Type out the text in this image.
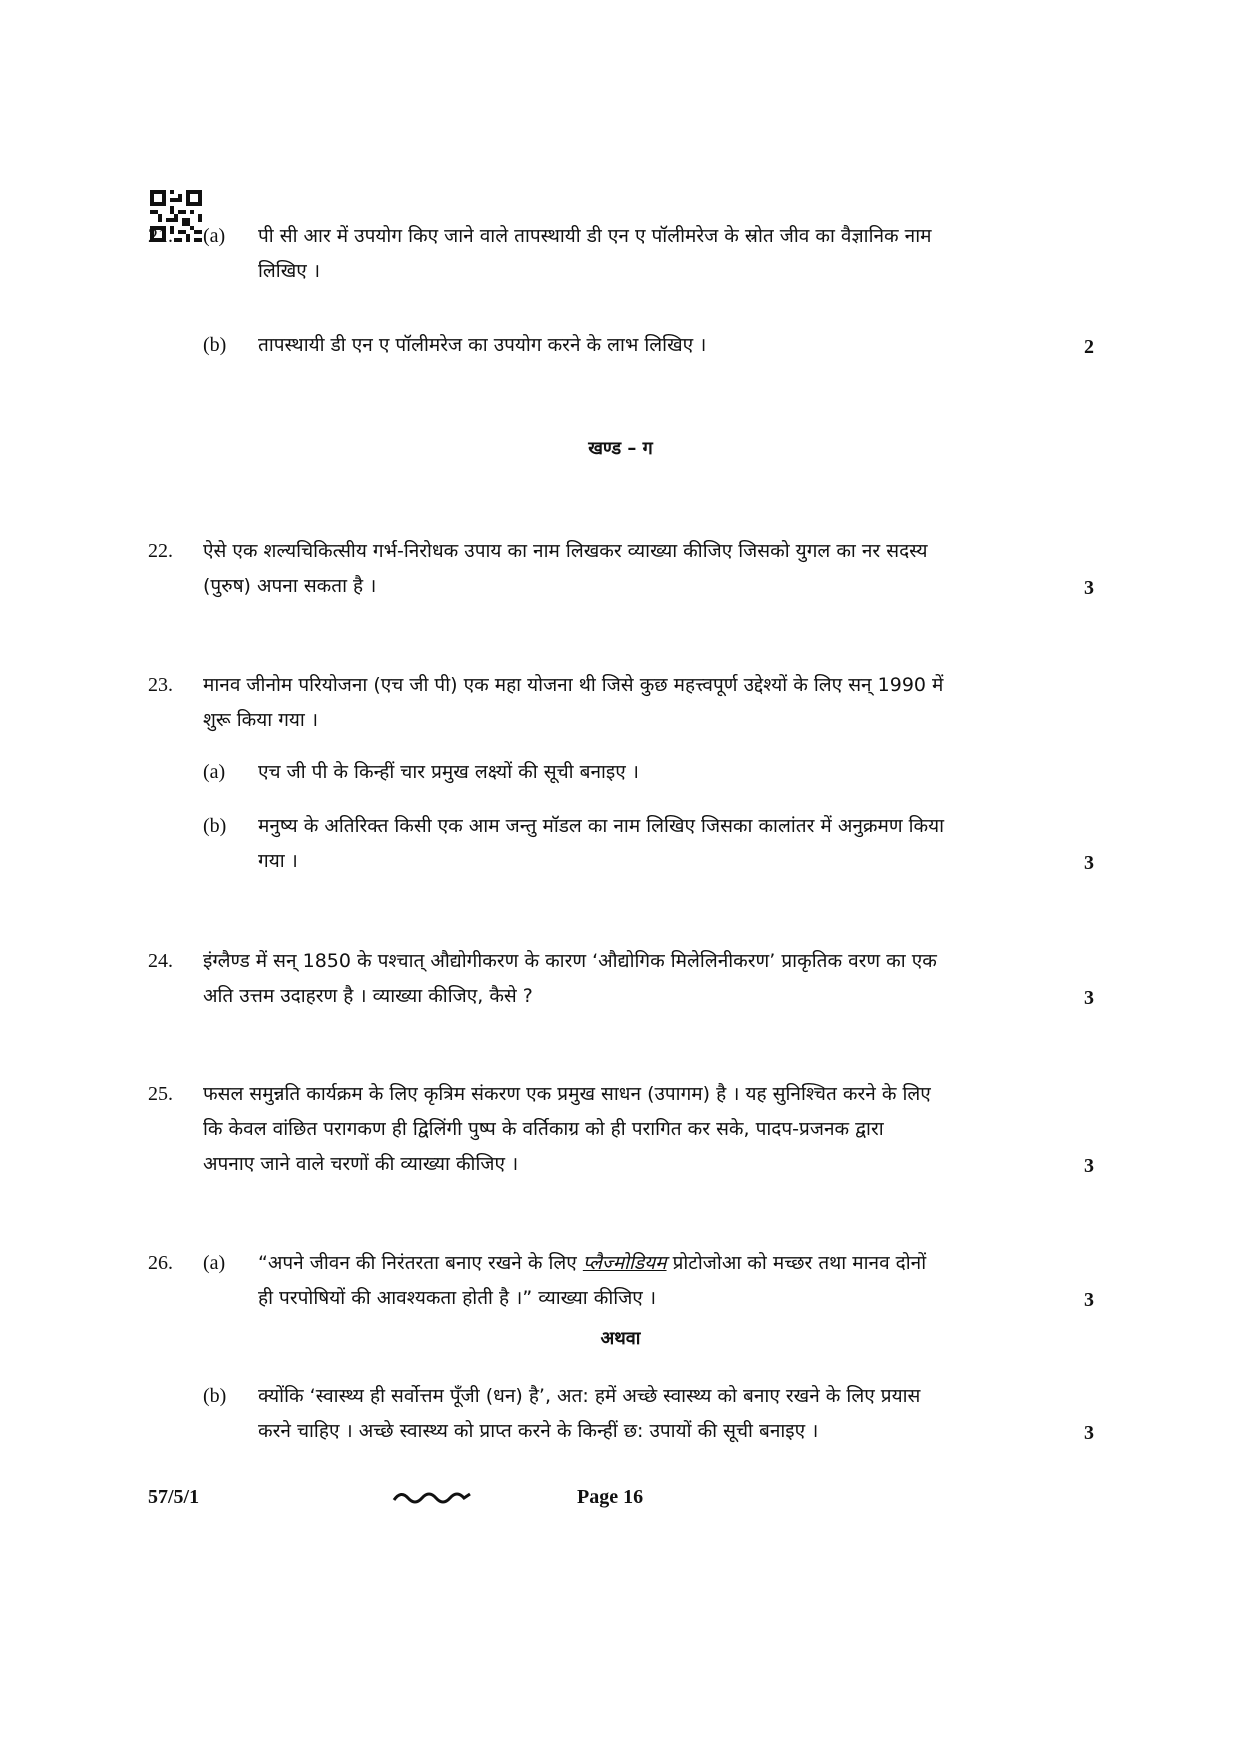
21. (a) पी सी आर में उपयोग किए जाने वाले तापस्थायी डी एन ए पॉलीमरेज के स्रोत जीव का वैज्ञानिक नाम
लिखिए ।
(b) तापस्थायी डी एन ए पॉलीमरेज का उपयोग करने के लाभ लिखिए ।	2
खण्ड – ग
22. ऐसे एक शल्यचिकित्सीय गर्भ-निरोधक उपाय का नाम लिखकर व्याख्या कीजिए जिसको युगल का नर सदस्य
(पुरुष) अपना सकता है ।	3
23. मानव जीनोम परियोजना (एच जी पी) एक महा योजना थी जिसे कुछ महत्त्वपूर्ण उद्देश्यों के लिए सन् 1990 में
शुरू किया गया ।
(a) एच जी पी के किन्हीं चार प्रमुख लक्ष्यों की सूची बनाइए ।
(b) मनुष्य के अतिरिक्त किसी एक आम जन्तु मॉडल का नाम लिखिए जिसका कालांतर में अनुक्रमण किया
गया ।	3
24. इंग्लैण्ड में सन् 1850 के पश्चात् औद्योगीकरण के कारण ‘औद्योगिक मिलेलिनीकरण’ प्राकृतिक वरण का एक
अति उत्तम उदाहरण है । व्याख्या कीजिए, कैसे ?	3
25. फसल समुन्नति कार्यक्रम के लिए कृत्रिम संकरण एक प्रमुख साधन (उपागम) है । यह सुनिश्चित करने के लिए
कि केवल वांछित परागकण ही द्विलिंगी पुष्प के वर्तिकाग्र को ही परागित कर सके, पादप-प्रजनक द्वारा
अपनाए जाने वाले चरणों की व्याख्या कीजिए ।	3
26. (a) “अपने जीवन की निरंतरता बनाए रखने के लिए प्लैज्मोडियम प्रोटोजोआ को मच्छर तथा मानव दोनों
ही परपोषियों की आवश्यकता होती है ।” व्याख्या कीजिए ।	3
अथवा
(b) क्योंकि ‘स्वास्थ्य ही सर्वोत्तम पूँजी (धन) है’, अत: हमें अच्छे स्वास्थ्य को बनाए रखने के लिए प्रयास
करने चाहिए । अच्छे स्वास्थ्य को प्राप्त करने के किन्हीं छ: उपायों की सूची बनाइए ।	3
57/5/1	Page 16
